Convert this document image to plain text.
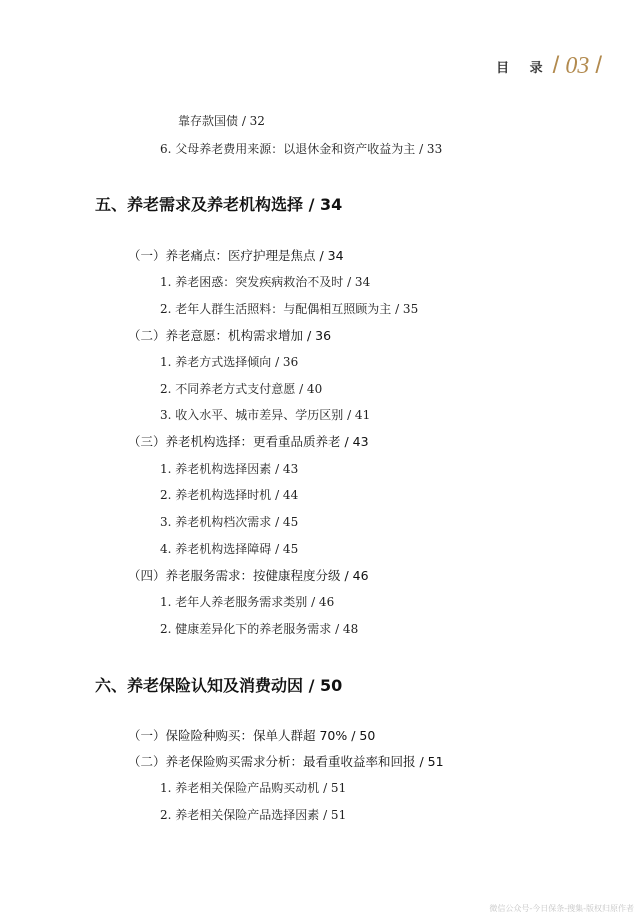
目 录 / 03 /
靠存款国债 / 32
6. 父母养老费用来源：以退休金和资产收益为主 / 33
五、养老需求及养老机构选择 / 34
（一）养老痛点：医疗护理是焦点 / 34
1. 养老困惑：突发疾病救治不及时 / 34
2. 老年人群生活照料：与配偶相互照顾为主 / 35
（二）养老意愿：机构需求增加 / 36
1. 养老方式选择倾向 / 36
2. 不同养老方式支付意愿 / 40
3. 收入水平、城市差异、学历区别 / 41
（三）养老机构选择：更看重品质养老 / 43
1. 养老机构选择因素 / 43
2. 养老机构选择时机 / 44
3. 养老机构档次需求 / 45
4. 养老机构选择障碍 / 45
（四）养老服务需求：按健康程度分级 / 46
1. 老年人养老服务需求类别 / 46
2. 健康差异化下的养老服务需求 / 48
六、养老保险认知及消费动因 / 50
（一）保险险种购买：保单人群超 70% / 50
（二）养老保险购买需求分析：最看重收益率和回报 / 51
1. 养老相关保险产品购买动机 / 51
2. 养老相关保险产品选择因素 / 51
微信公众号-今日保条-搜集-版权归原作者
